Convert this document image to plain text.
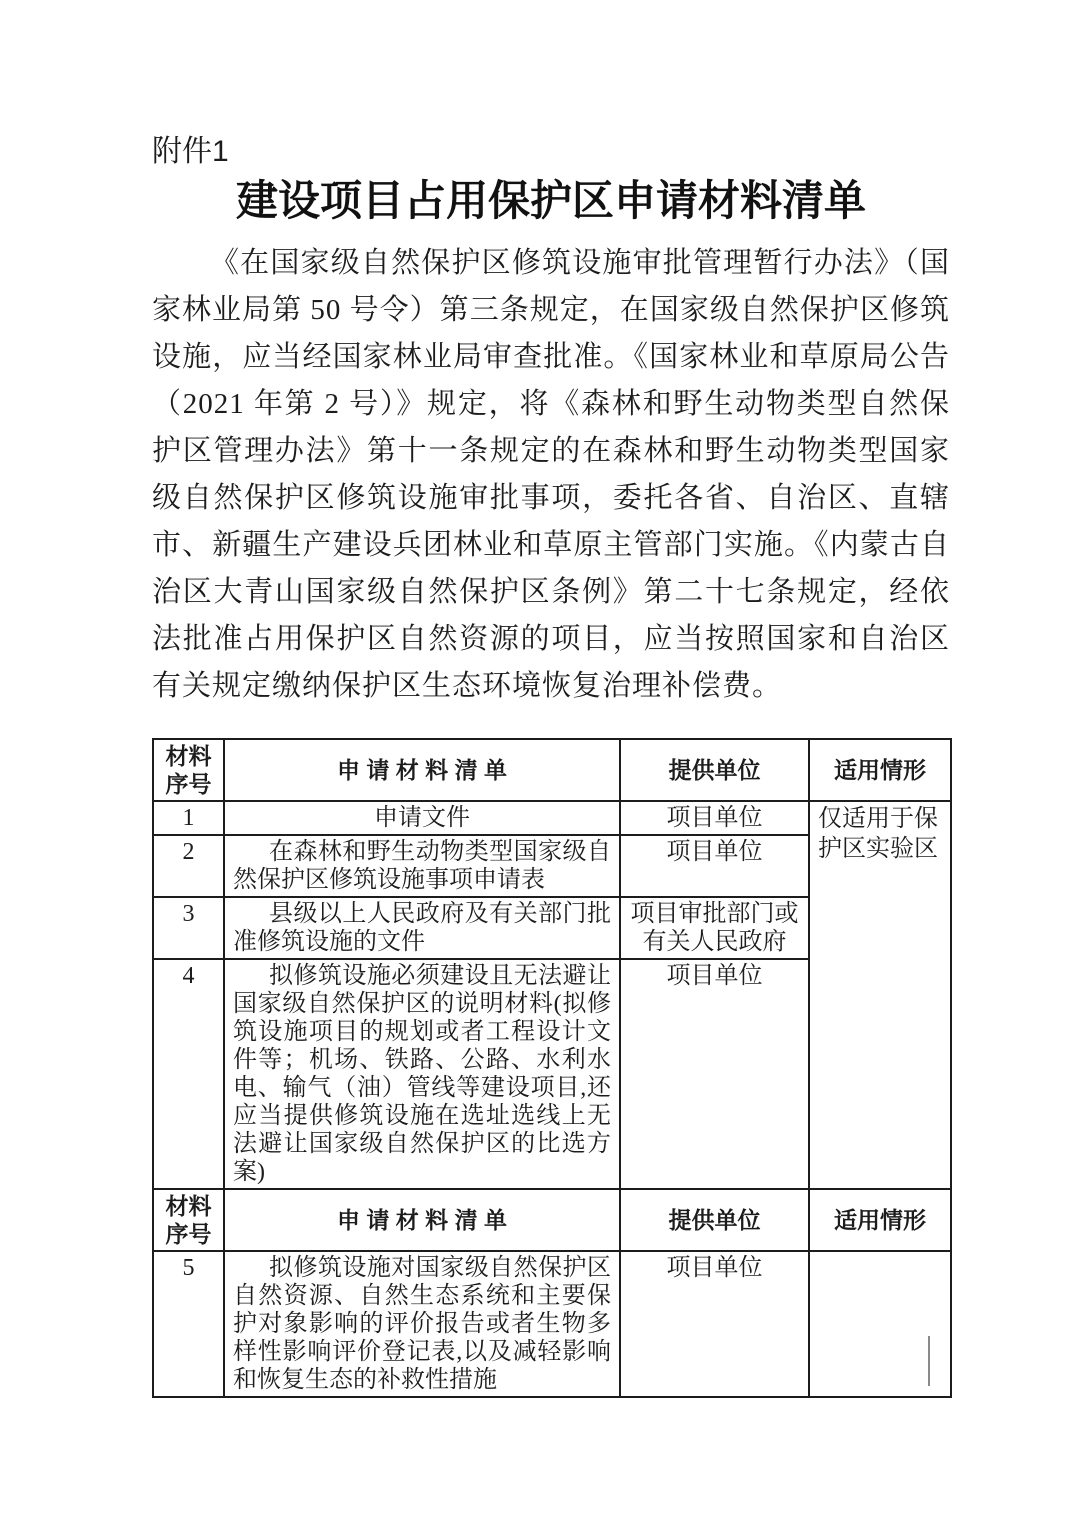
附件1
建设项目占用保护区申请材料清单

《在国家级自然保护区修筑设施审批管理暂行办法》（国家林业局第 50 号令）第三条规定，在国家级自然保护区修筑设施，应当经国家林业局审查批准。《国家林业和草原局公告（2021 年第 2 号）》规定，将《森林和野生动物类型自然保护区管理办法》第十一条规定的在森林和野生动物类型国家级自然保护区修筑设施审批事项，委托各省、自治区、直辖市、新疆生产建设兵团林业和草原主管部门实施。《内蒙古自治区大青山国家级自然保护区条例》第二十七条规定，经依法批准占用保护区自然资源的项目，应当按照国家和自治区有关规定缴纳保护区生态环境恢复治理补偿费。

材料序号	申 请 材 料 清 单	提供单位	适用情形
1	申请文件	项目单位	仅适用于保护区实验区
2	在森林和野生动物类型国家级自然保护区修筑设施事项申请表	项目单位	
3	县级以上人民政府及有关部门批准修筑设施的文件	项目审批部门或有关人民政府	
4	拟修筑设施必须建设且无法避让国家级自然保护区的说明材料(拟修筑设施项目的规划或者工程设计文件等；机场、铁路、公路、水利水电、输气（油）管线等建设项目,还应当提供修筑设施在选址选线上无法避让国家级自然保护区的比选方案)	项目单位	
材料序号	申 请 材 料 清 单	提供单位	适用情形
5	拟修筑设施对国家级自然保护区自然资源、自然生态系统和主要保护对象影响的评价报告或者生物多样性影响评价登记表,以及减轻影响和恢复生态的补救性措施	项目单位	
